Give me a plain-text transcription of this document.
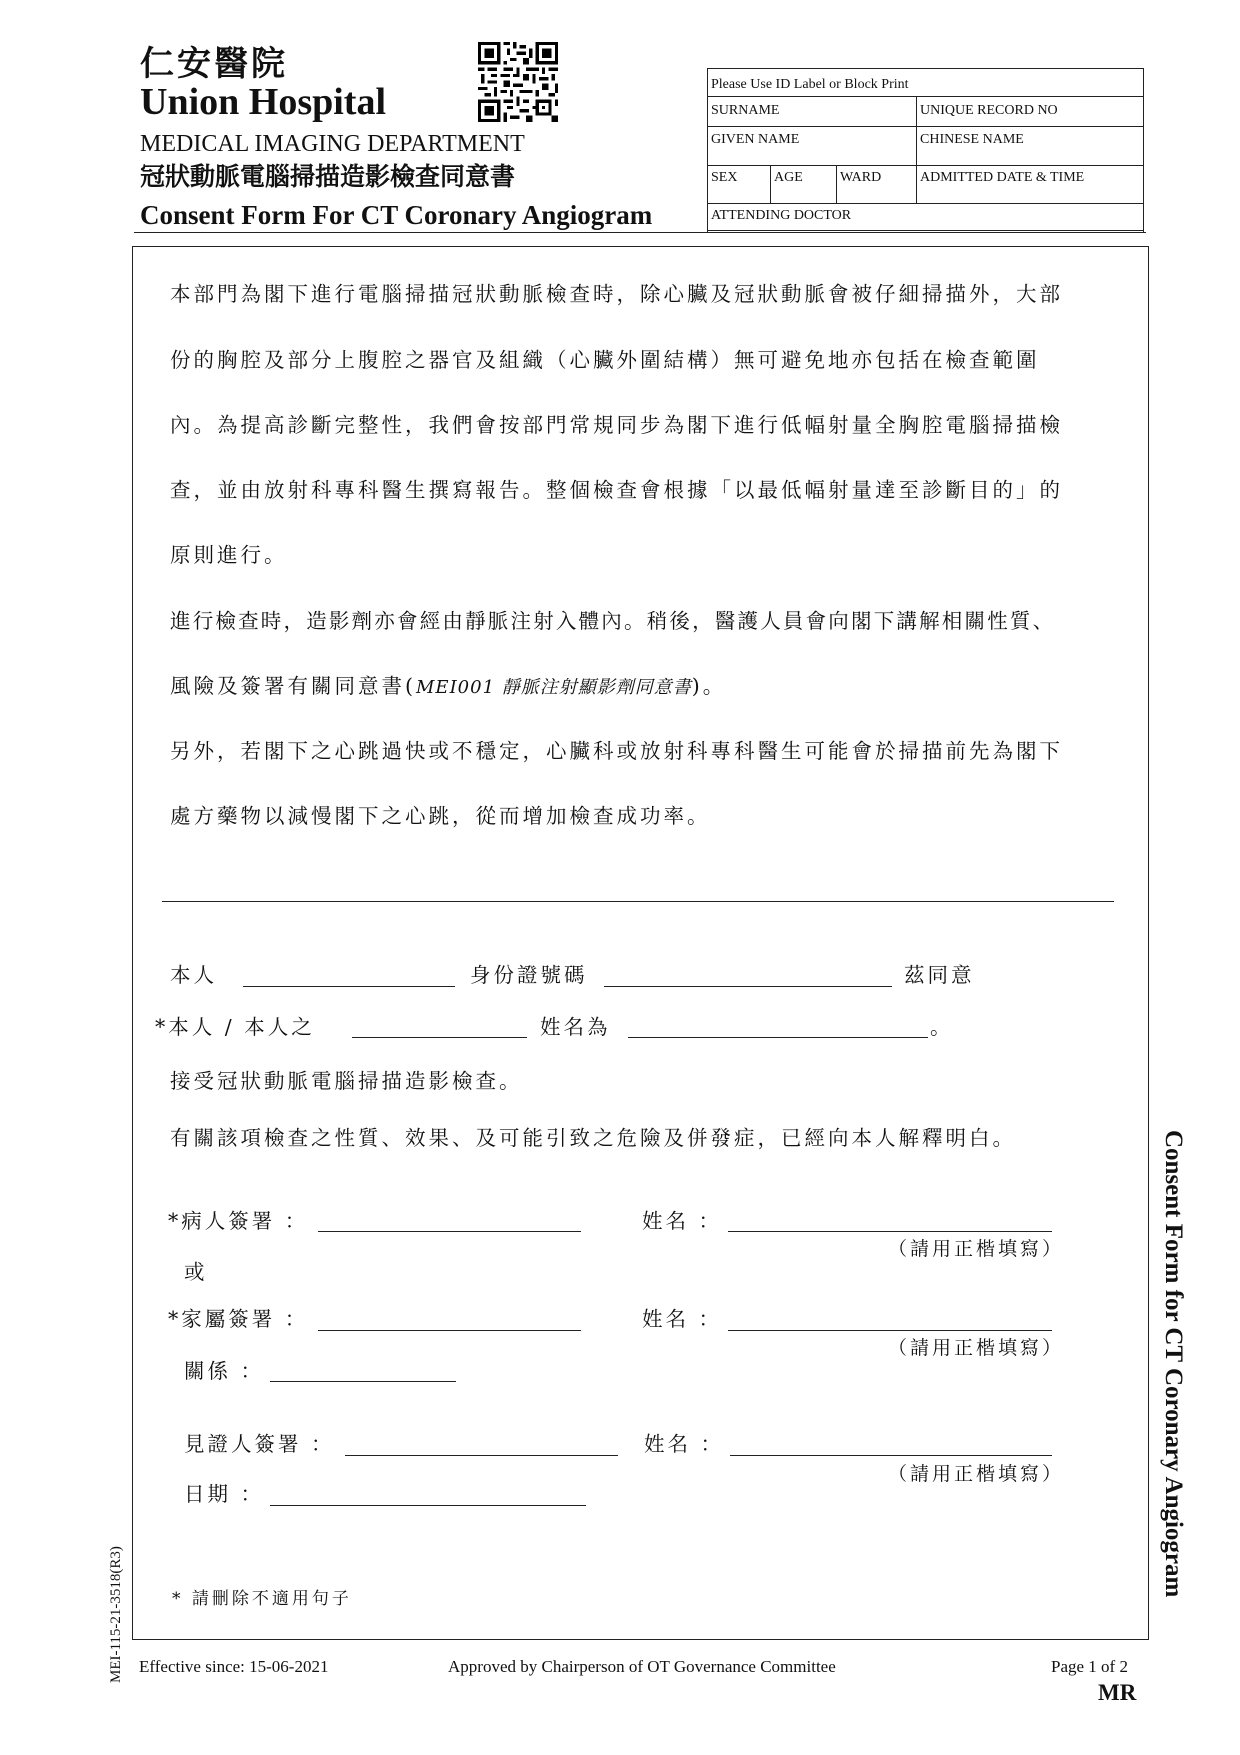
仁安醫院
Union Hospital
MEDICAL IMAGING DEPARTMENT
冠狀動脈電腦掃描造影檢查同意書
Consent Form For CT Coronary Angiogram
Please Use ID Label or Block Print
SURNAME	UNIQUE RECORD NO
GIVEN NAME	CHINESE NAME
SEX	AGE	WARD	ADMITTED DATE & TIME
ATTENDING DOCTOR
本部門為閣下進行電腦掃描冠狀動脈檢查時，除心臟及冠狀動脈會被仔細掃描外，大部
份的胸腔及部分上腹腔之器官及組織（心臟外圍結構）無可避免地亦包括在檢查範圍
內。為提高診斷完整性，我們會按部門常規同步為閣下進行低幅射量全胸腔電腦掃描檢
查，並由放射科專科醫生撰寫報告。整個檢查會根據「以最低幅射量達至診斷目的」的
原則進行。
進行檢查時，造影劑亦會經由靜脈注射入體內。稍後，醫護人員會向閣下講解相關性質、
風險及簽署有關同意書(MEI001 靜脈注射顯影劑同意書)。
另外，若閣下之心跳過快或不穩定，心臟科或放射科專科醫生可能會於掃描前先為閣下
處方藥物以減慢閣下之心跳，從而增加檢查成功率。
本人	身份證號碼	茲同意
*本人 / 本人之	姓名為	。
接受冠狀動脈電腦掃描造影檢查。
有關該項檢查之性質、效果、及可能引致之危險及併發症，已經向本人解釋明白。
*病人簽署 ：	姓名 ：
（請用正楷填寫）
或
*家屬簽署 ：	姓名 ：
（請用正楷填寫）
關係 ：
見證人簽署 ：	姓名 ：
（請用正楷填寫）
日期 ：
* 請刪除不適用句子
Consent Form for CT Coronary Angiogram
MEI-115-21-3518(R3) Effective since: 15-06-2021	Approved by Chairperson of OT Governance Committee	Page 1 of 2
MR
